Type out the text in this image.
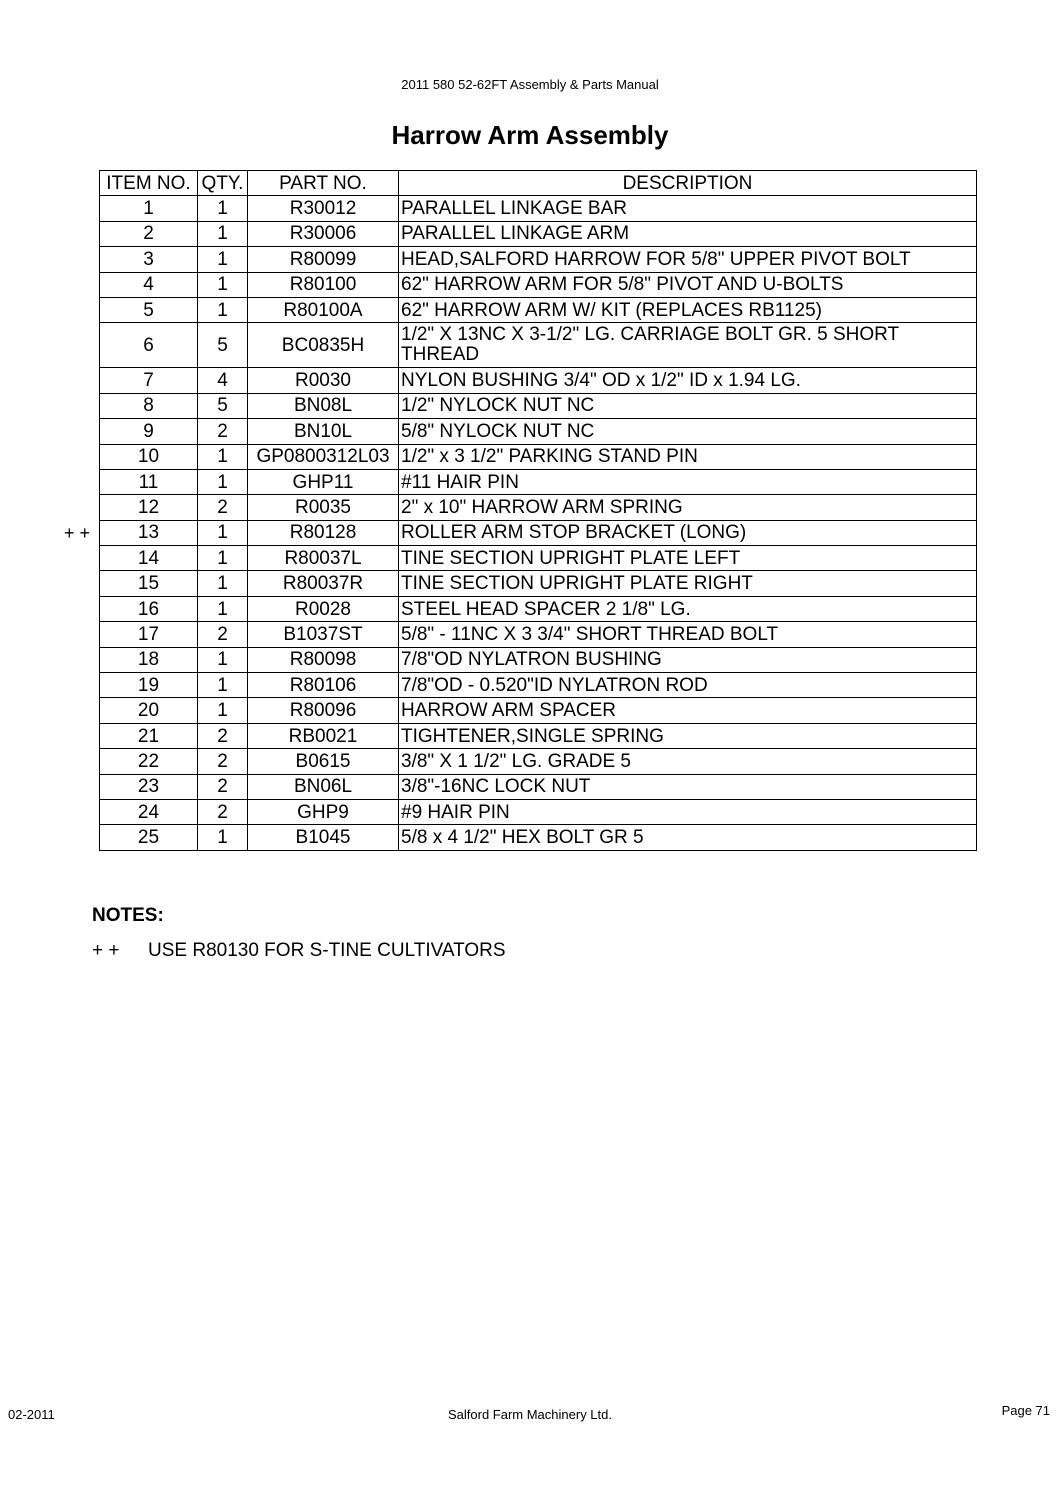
2011 580 52-62FT Assembly & Parts Manual
Harrow Arm Assembly
ITEM NO.	QTY.	PART NO.	DESCRIPTION
1	1	R30012	PARALLEL LINKAGE BAR
2	1	R30006	PARALLEL LINKAGE ARM
3	1	R80099	HEAD,SALFORD HARROW FOR 5/8" UPPER PIVOT BOLT
4	1	R80100	62" HARROW ARM FOR 5/8" PIVOT AND U-BOLTS
5	1	R80100A	62" HARROW ARM W/ KIT (REPLACES RB1125)
6	5	BC0835H	1/2" X 13NC X 3-1/2" LG. CARRIAGE BOLT GR. 5 SHORT THREAD
7	4	R0030	NYLON BUSHING 3/4" OD x 1/2" ID x 1.94 LG.
8	5	BN08L	1/2" NYLOCK NUT NC
9	2	BN10L	5/8" NYLOCK NUT NC
10	1	GP0800312L03	1/2" x 3 1/2" PARKING STAND PIN
11	1	GHP11	#11 HAIR PIN
12	2	R0035	2" x 10" HARROW ARM SPRING
13	1	R80128	ROLLER ARM STOP BRACKET (LONG)
14	1	R80037L	TINE SECTION UPRIGHT PLATE LEFT
15	1	R80037R	TINE SECTION UPRIGHT PLATE RIGHT
16	1	R0028	STEEL HEAD SPACER 2 1/8" LG.
17	2	B1037ST	5/8" - 11NC X 3 3/4" SHORT THREAD BOLT
18	1	R80098	7/8"OD NYLATRON BUSHING
19	1	R80106	7/8"OD - 0.520"ID NYLATRON ROD
20	1	R80096	HARROW ARM SPACER
21	2	RB0021	TIGHTENER,SINGLE SPRING
22	2	B0615	3/8" X 1 1/2" LG. GRADE 5
23	2	BN06L	3/8"-16NC LOCK NUT
24	2	GHP9	#9 HAIR PIN
25	1	B1045	5/8 x 4 1/2" HEX BOLT GR 5
+ +
NOTES:
+ + USE R80130 FOR S-TINE CULTIVATORS
02-2011	Salford Farm Machinery Ltd.	Page 71
